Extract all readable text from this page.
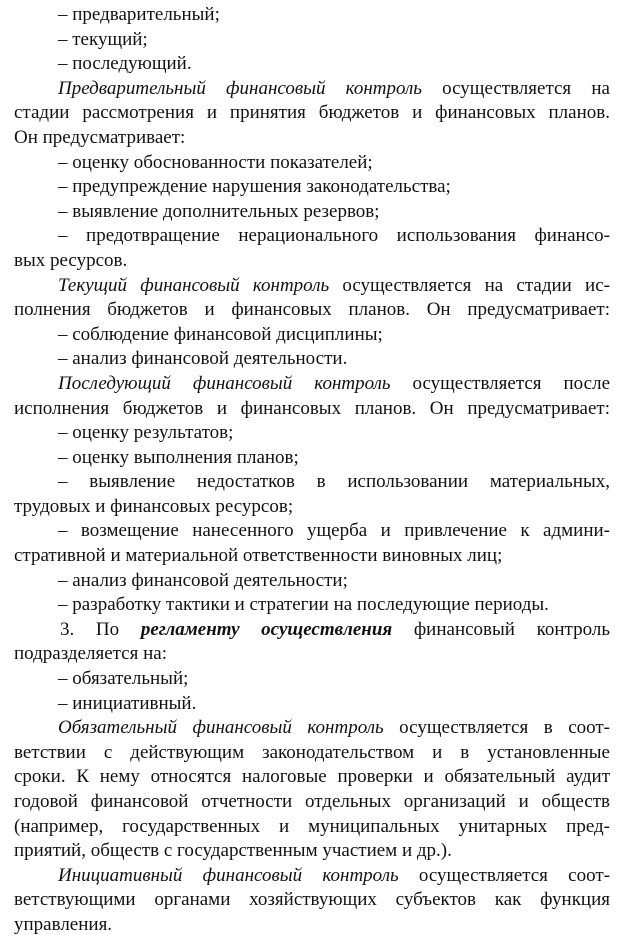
– предварительный;
– текущий;
– последующий.
Предварительный финансовый контроль осуществляется на
стадии рассмотрения и принятия бюджетов и финансовых планов.
Он предусматривает:
– оценку обоснованности показателей;
– предупреждение нарушения законодательства;
– выявление дополнительных резервов;
– предотвращение нерационального использования финансо-
вых ресурсов.
Текущий финансовый контроль осуществляется на стадии ис-
полнения бюджетов и финансовых планов. Он предусматривает:
– соблюдение финансовой дисциплины;
– анализ финансовой деятельности.
Последующий финансовый контроль осуществляется после
исполнения бюджетов и финансовых планов. Он предусматривает:
– оценку результатов;
– оценку выполнения планов;
– выявление недостатков в использовании материальных,
трудовых и финансовых ресурсов;
– возмещение нанесенного ущерба и привлечение к админи-
стративной и материальной ответственности виновных лиц;
– анализ финансовой деятельности;
– разработку тактики и стратегии на последующие периоды.
3. По регламенту осуществления финансовый контроль
подразделяется на:
– обязательный;
– инициативный.
Обязательный финансовый контроль осуществляется в соот-
ветствии с действующим законодательством и в установленные
сроки. К нему относятся налоговые проверки и обязательный аудит
годовой финансовой отчетности отдельных организаций и обществ
(например, государственных и муниципальных унитарных пред-
приятий, обществ с государственным участием и др.).
Инициативный финансовый контроль осуществляется соот-
ветствующими органами хозяйствующих субъектов как функция
управления.
